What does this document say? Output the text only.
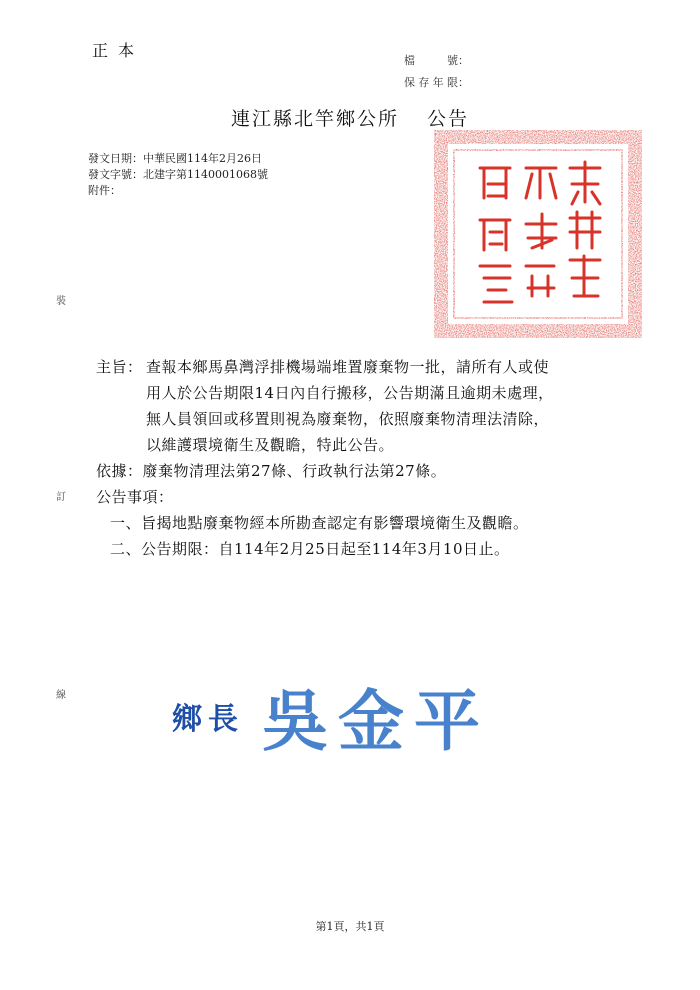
正本
檔號：
保存年限：
連江縣北竿鄉公所 公告
發文日期：中華民國114年2月26日
發文字號：北建字第1140001068號
附件：
裝
訂
線
主旨： 查報本鄉馬鼻灣浮排機場端堆置廢棄物一批，請所有人或使
用人於公告期限14日內自行搬移，公告期滿且逾期未處理，
無人員領回或移置則視為廢棄物，依照廢棄物清理法清除，
以維護環境衛生及觀瞻，特此公告。
依據：廢棄物清理法第27條、行政執行法第27條。
公告事項：
一、旨揭地點廢棄物經本所勘查認定有影響環境衛生及觀瞻。
二、公告期限：自114年2月25日起至114年3月10日止。
鄉長 吳金平
第1頁，共1頁
